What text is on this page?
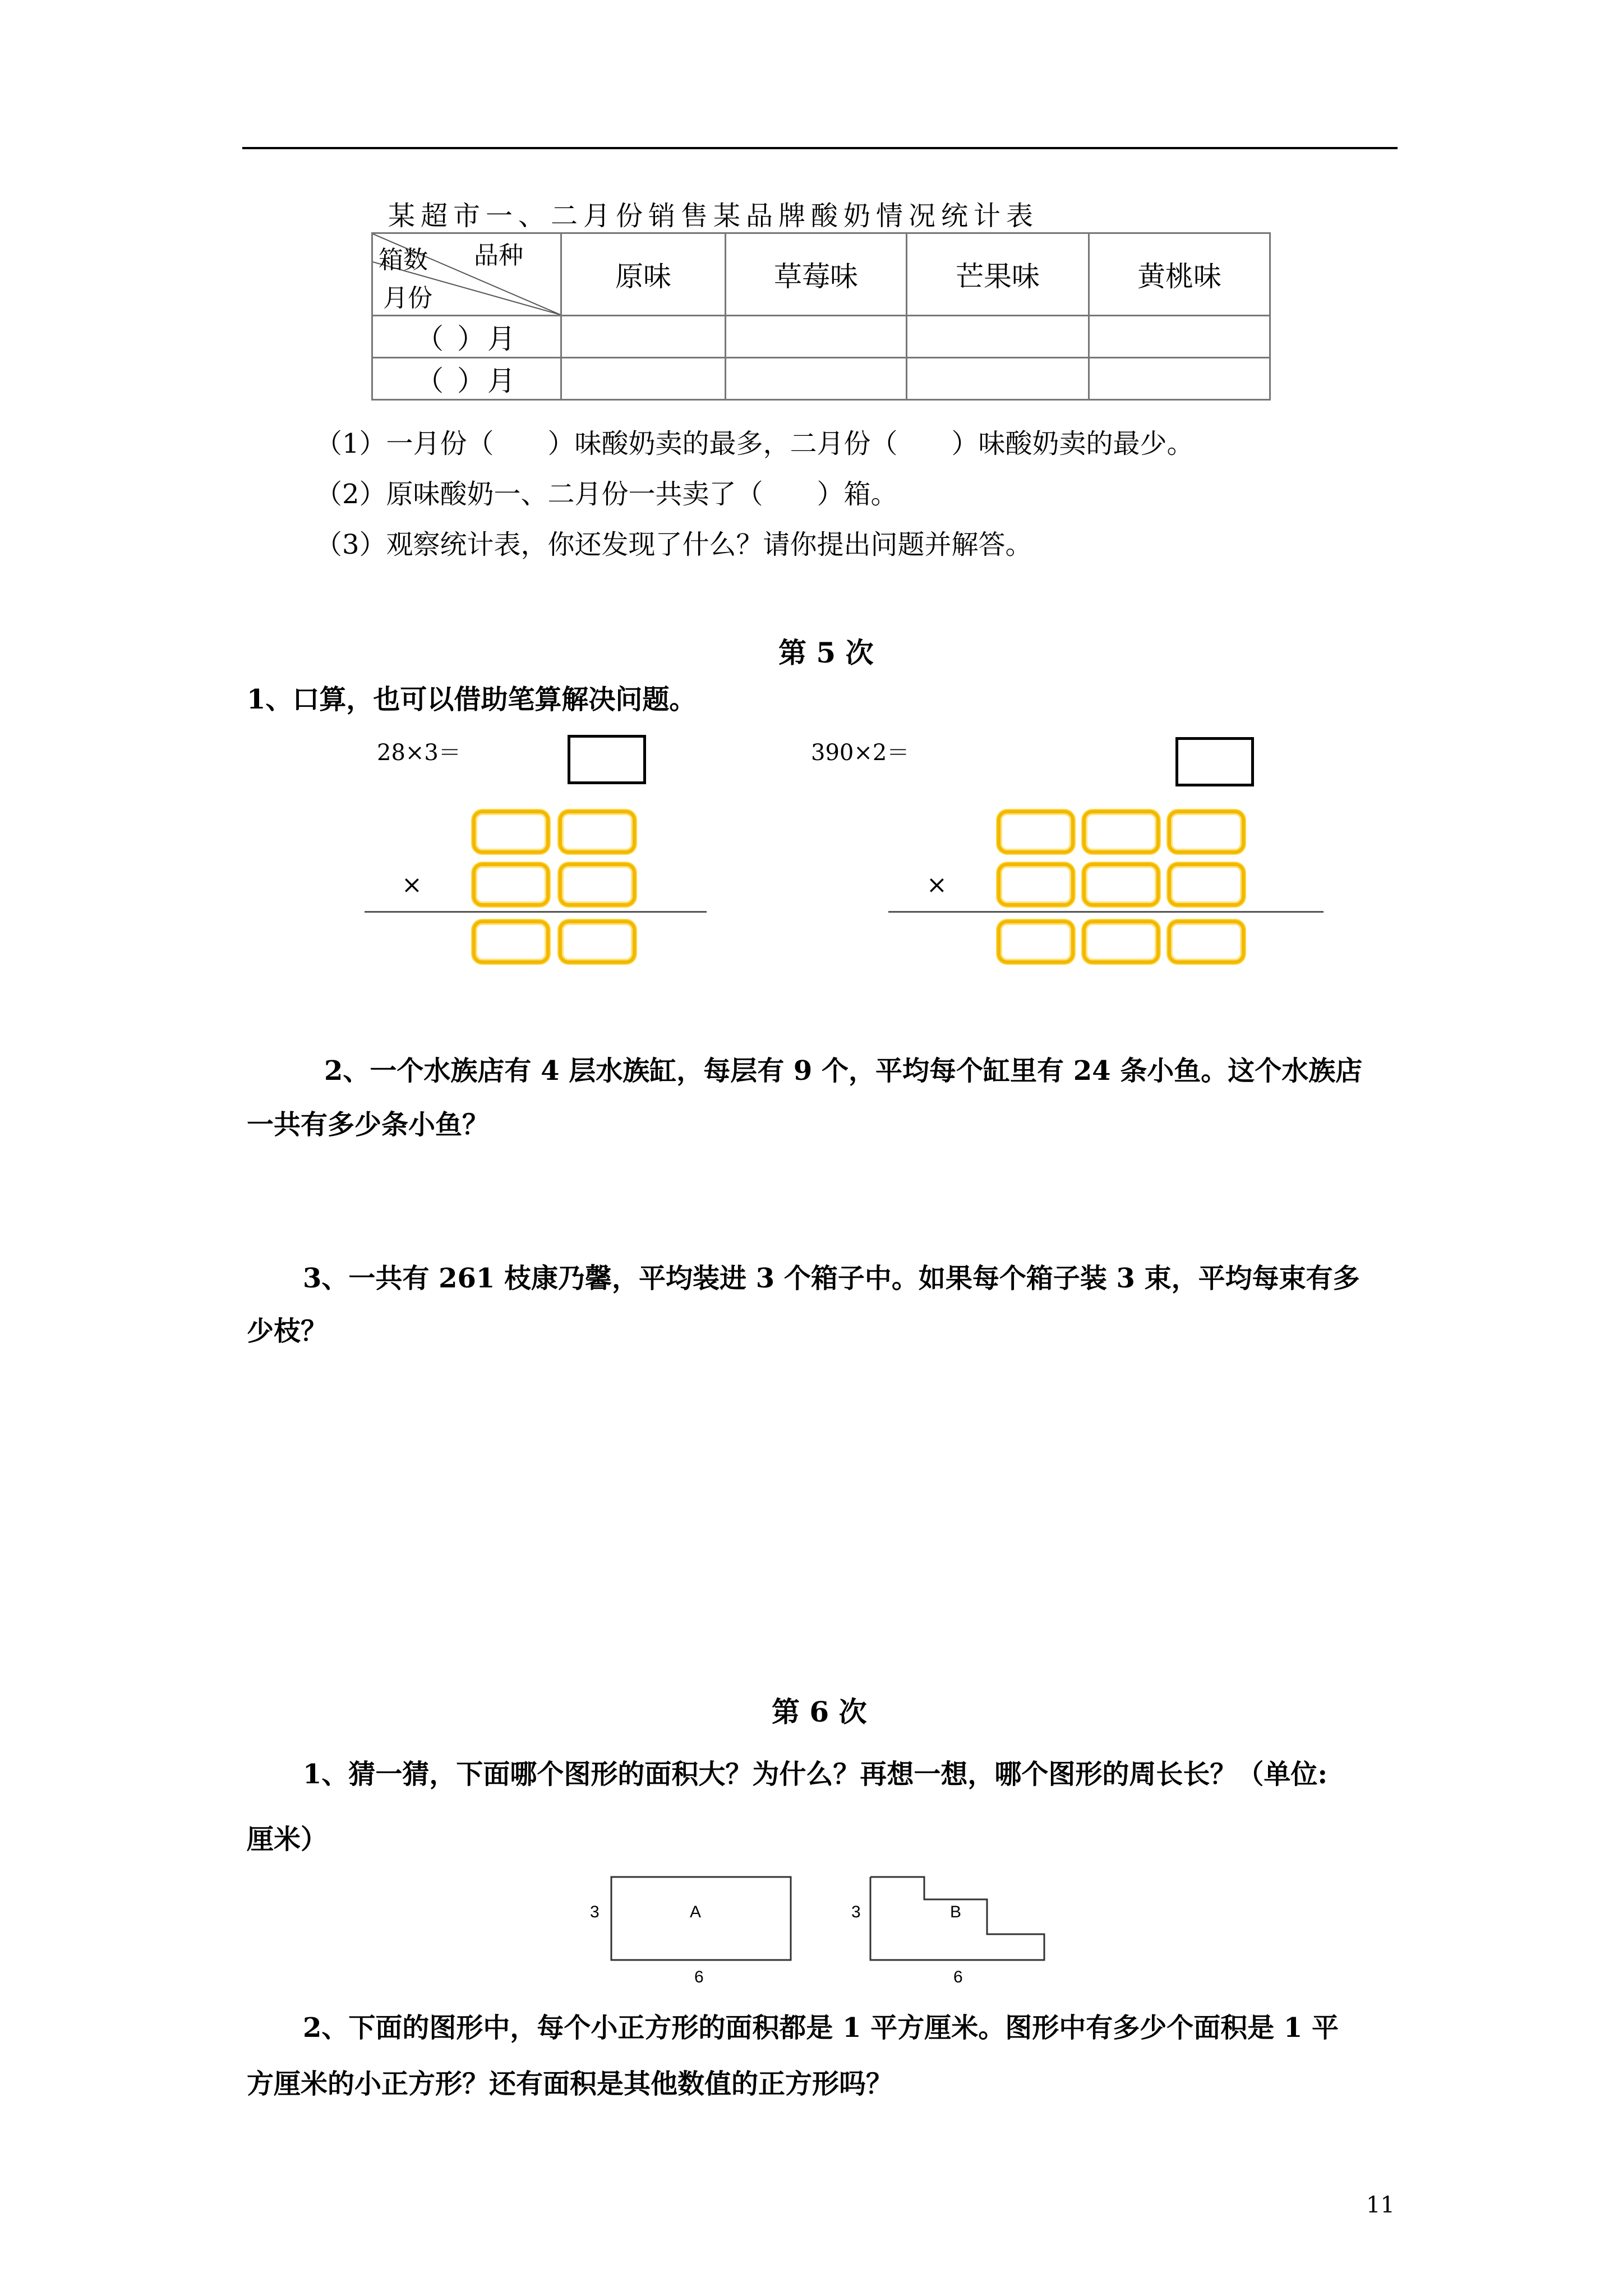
某超市一、二月份销售某品牌酸奶情况统计表
品种
箱数
月份	原味	草莓味	芒果味	黄桃味
（ ）月				
（ ）月				
（1）一月份（　　）味酸奶卖的最多，二月份（　　）味酸奶卖的最少。
（2）原味酸奶一、二月份一共卖了（　　）箱。
（3）观察统计表，你还发现了什么？请你提出问题并解答。
第 5 次
1、口算，也可以借助笔算解决问题。
28×3＝
×
390×2＝
×
2、一个水族店有 4 层水族缸，每层有 9 个，平均每个缸里有 24 条小鱼。这个水族店
一共有多少条小鱼？
3、一共有 261 枝康乃馨，平均装进 3 个箱子中。如果每个箱子装 3 束，平均每束有多
少枝？
第 6 次
1、猜一猜，下面哪个图形的面积大？为什么？再想一想，哪个图形的周长长？（单位:
厘米）
3	A
6
3	B
6
2、下面的图形中，每个小正方形的面积都是 1 平方厘米。图形中有多少个面积是 1 平
方厘米的小正方形？还有面积是其他数值的正方形吗？
11
